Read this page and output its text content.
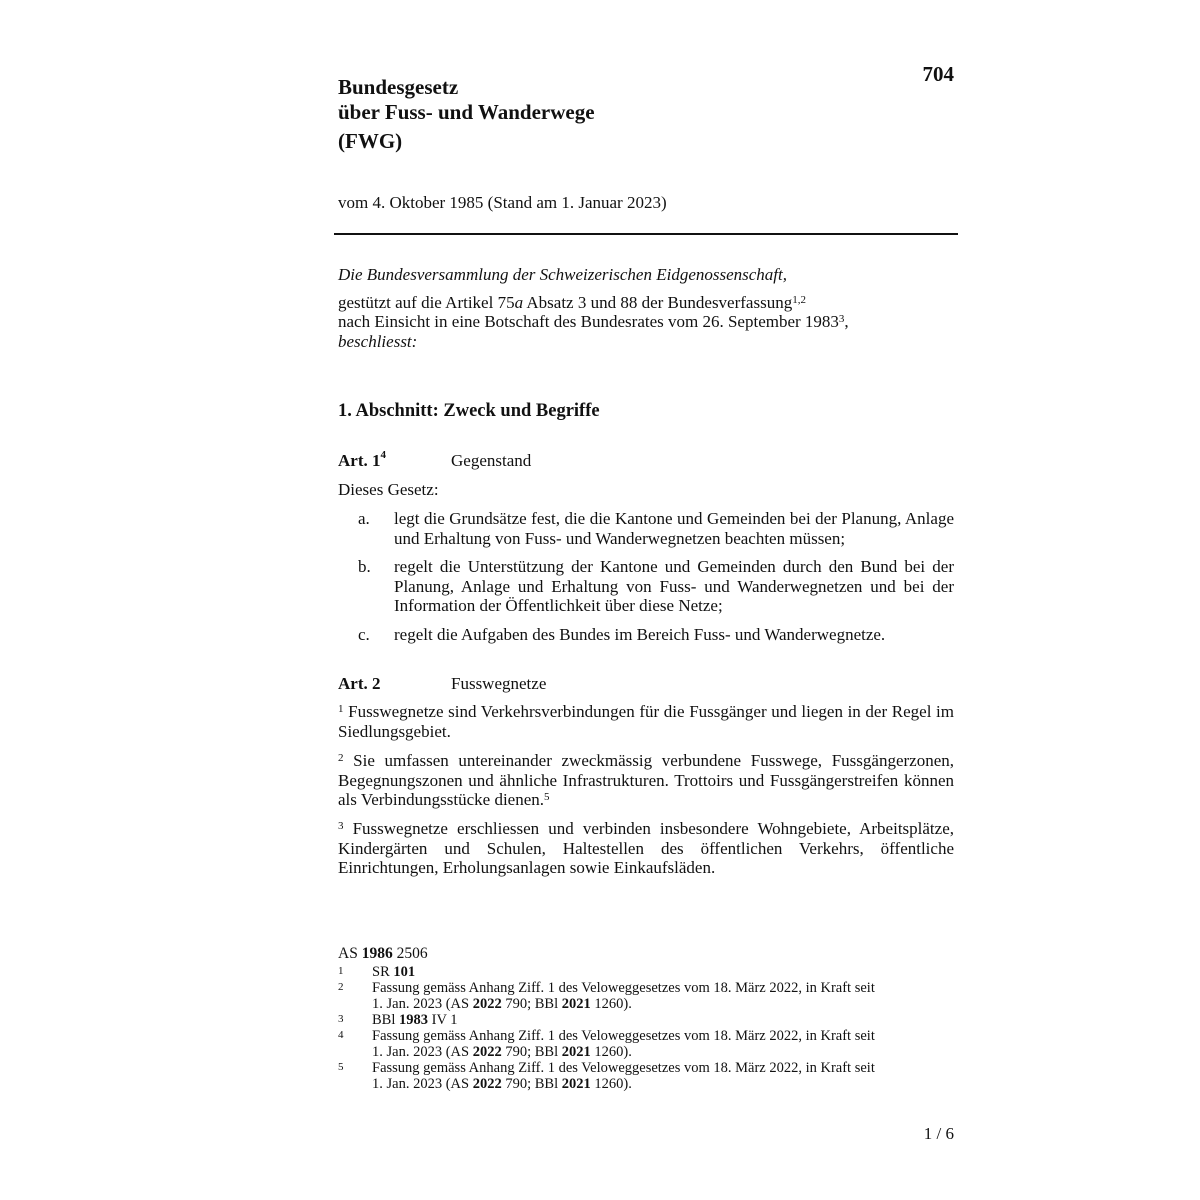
704
Bundesgesetz
über Fuss- und Wanderwege
(FWG)
vom 4. Oktober 1985 (Stand am 1. Januar 2023)
Die Bundesversammlung der Schweizerischen Eidgenossenschaft,
gestützt auf die Artikel 75a Absatz 3 und 88 der Bundesverfassung$^{1,2}$
nach Einsicht in eine Botschaft des Bundesrates vom 26. September 1983$^3$,
beschliesst:
1. Abschnitt: Zweck und Begriffe
Art. $1^4$	Gegenstand
Dieses Gesetz:
a. legt die Grundsätze fest, die die Kantone und Gemeinden bei der Planung, Anlage und Erhaltung von Fuss- und Wanderwegnetzen beachten müssen;
b. regelt die Unterstützung der Kantone und Gemeinden durch den Bund bei der Planung, Anlage und Erhaltung von Fuss- und Wanderwegnetzen und bei der Information der Öffentlichkeit über diese Netze;
c. regelt die Aufgaben des Bundes im Bereich Fuss- und Wanderwegnetze.
Art. 2	Fusswegnetze
$^1$ Fusswegnetze sind Verkehrsverbindungen für die Fussgänger und liegen in der Regel im Siedlungsgebiet.
$^2$ Sie umfassen untereinander zweckmässig verbundene Fusswege, Fussgängerzonen, Begegnungszonen und ähnliche Infrastrukturen. Trottoirs und Fussgängerstreifen können als Verbindungsstücke dienen.$^5$
$^3$ Fusswegnetze erschliessen und verbinden insbesondere Wohngebiete, Arbeitsplätze, Kindergärten und Schulen, Haltestellen des öffentlichen Verkehrs, öffentliche Einrichtungen, Erholungsanlagen sowie Einkaufsläden.
AS 1986 2506
1 SR 101
2 Fassung gemäss Anhang Ziff. 1 des Veloweggesetzes vom 18. März 2022, in Kraft seit
1. Jan. 2023 (AS 2022 790; BBl 2021 1260).
3 BBl 1983 IV 1
4 Fassung gemäss Anhang Ziff. 1 des Veloweggesetzes vom 18. März 2022, in Kraft seit
1. Jan. 2023 (AS 2022 790; BBl 2021 1260).
5 Fassung gemäss Anhang Ziff. 1 des Veloweggesetzes vom 18. März 2022, in Kraft seit
1. Jan. 2023 (AS 2022 790; BBl 2021 1260).
1 / 6
